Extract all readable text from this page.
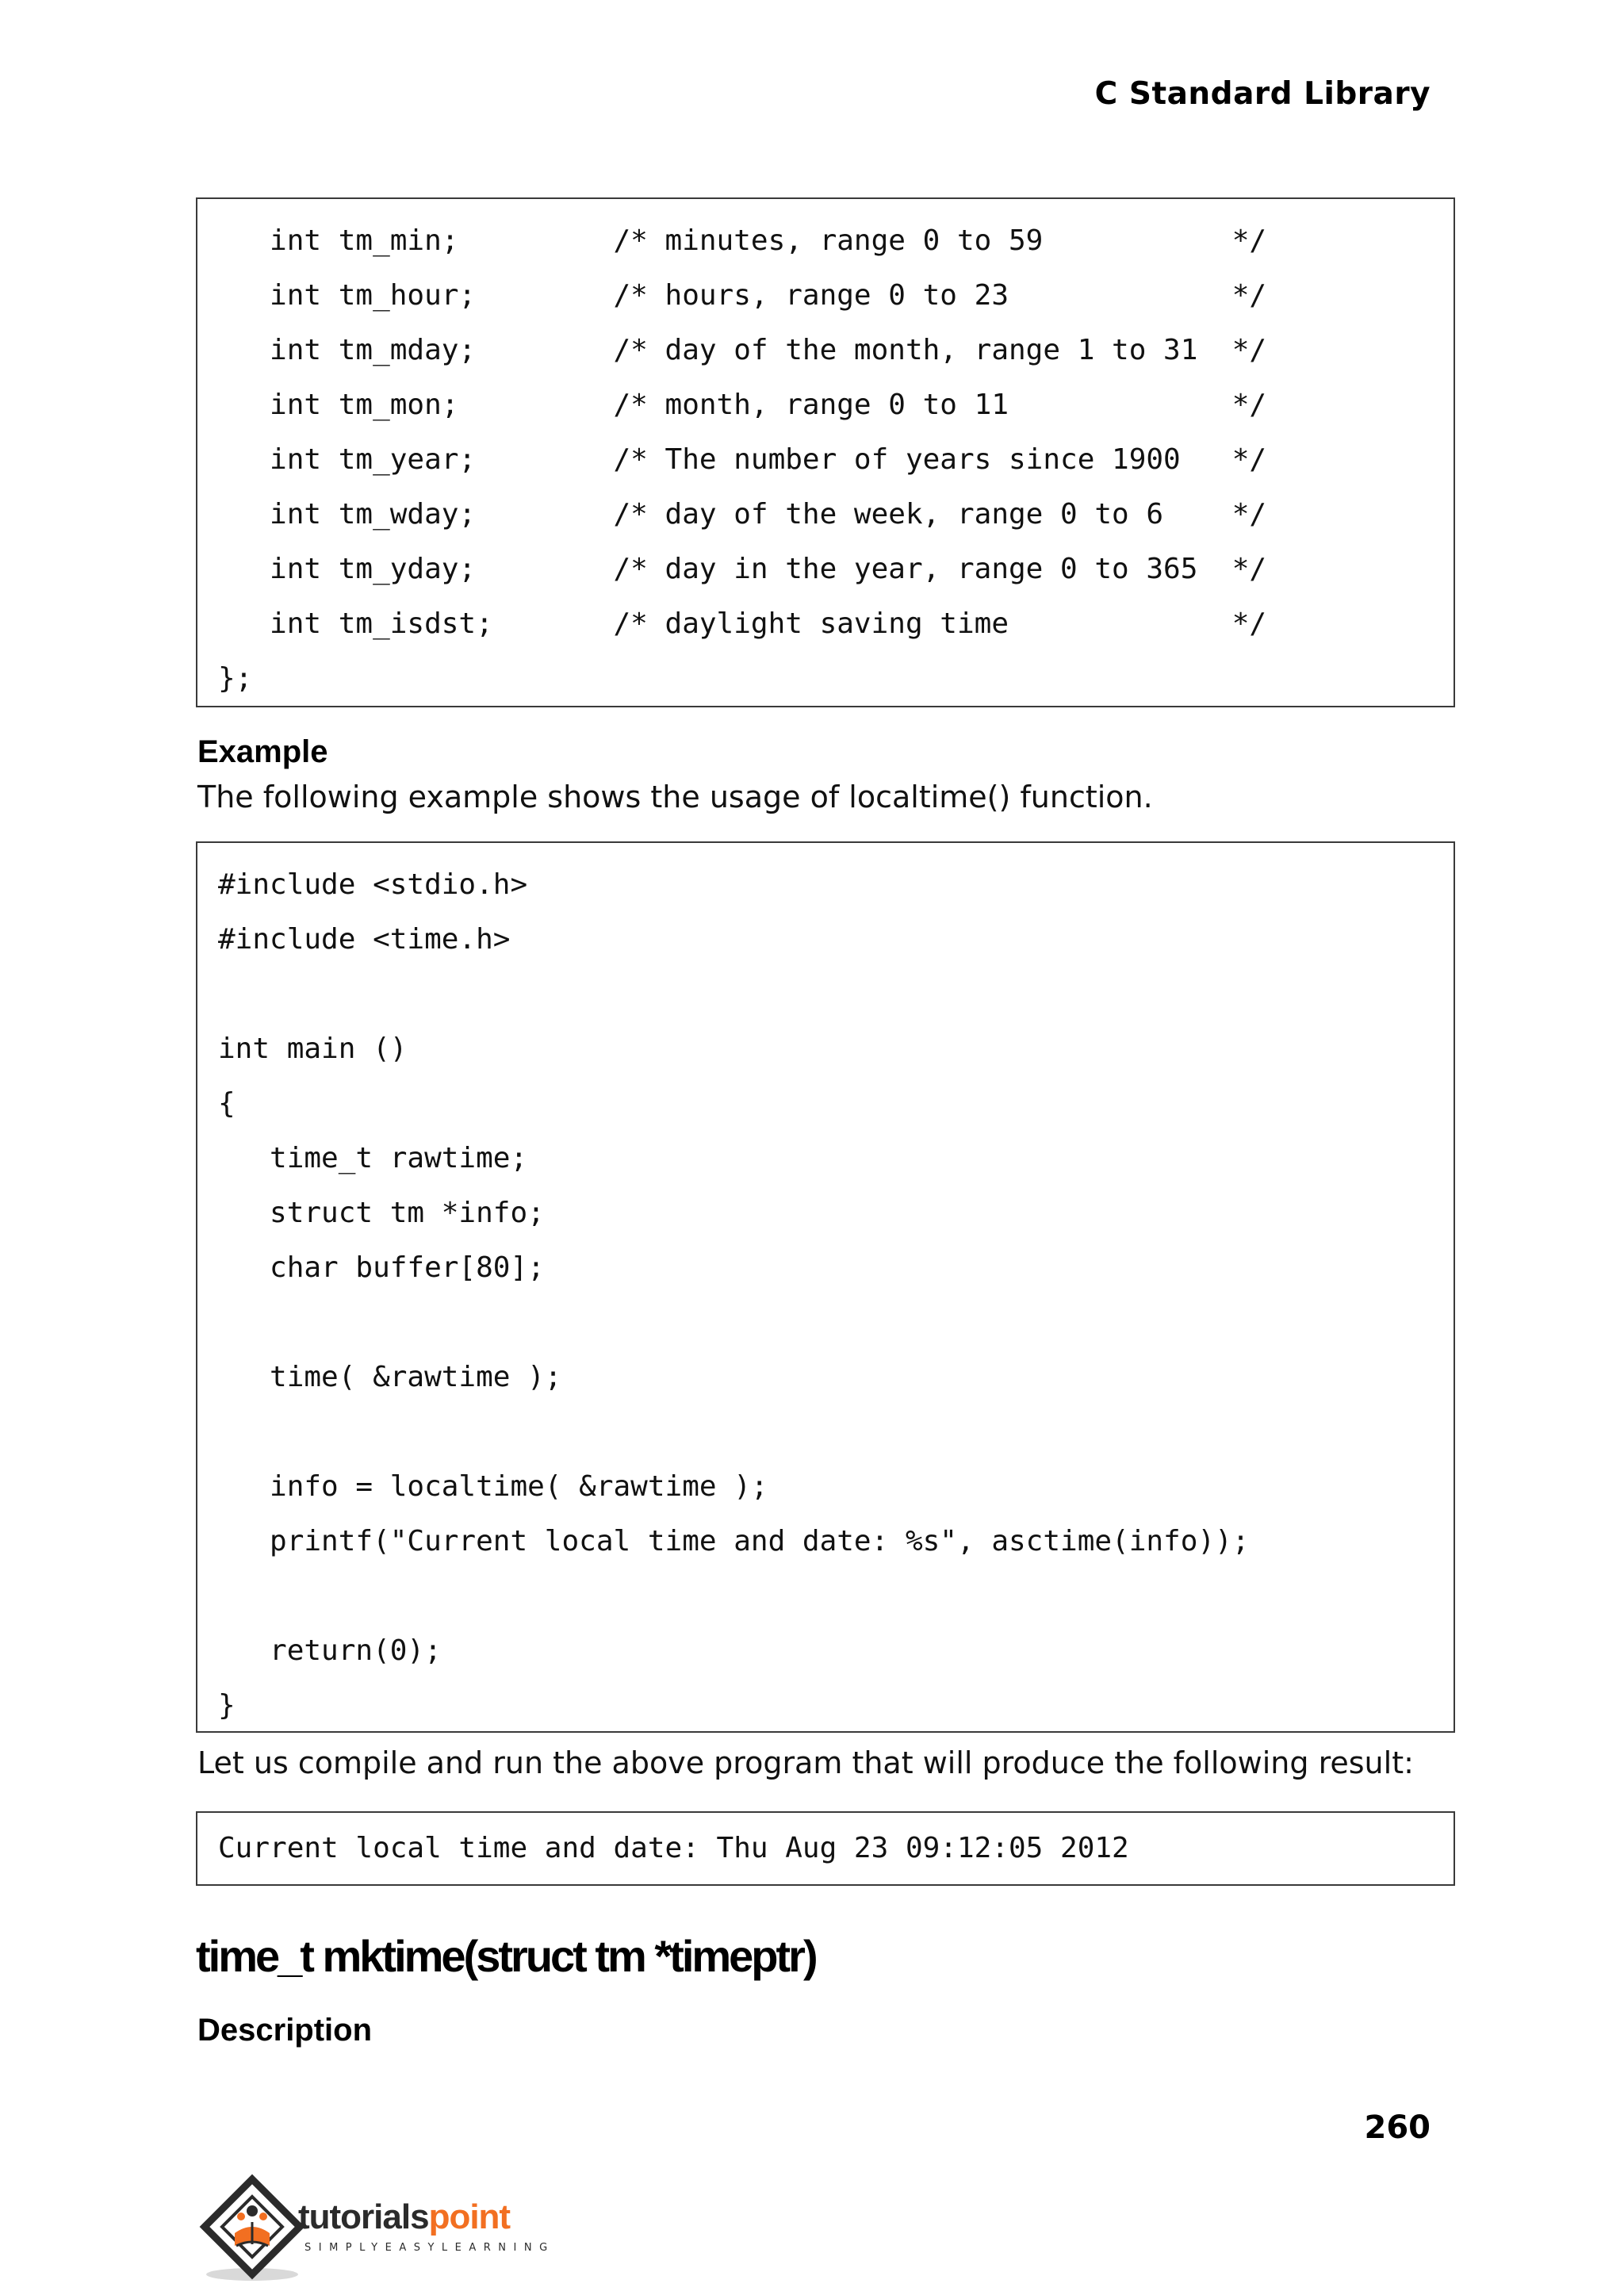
C Standard Library
int tm_min;         /* minutes, range 0 to 59           */
int tm_hour;        /* hours, range 0 to 23             */
int tm_mday;        /* day of the month, range 1 to 31  */
int tm_mon;         /* month, range 0 to 11             */
int tm_year;        /* The number of years since 1900   */
int tm_wday;        /* day of the week, range 0 to 6    */
int tm_yday;        /* day in the year, range 0 to 365  */
int tm_isdst;       /* daylight saving time             */
};
Example
The following example shows the usage of localtime() function.
#include <stdio.h>
#include <time.h>
int main ()
{
time_t rawtime;
struct tm *info;
char buffer[80];
time( &rawtime );
info = localtime( &rawtime );
printf("Current local time and date: %s", asctime(info));
return(0);
}
Let us compile and run the above program that will produce the following result:
Current local time and date: Thu Aug 23 09:12:05 2012
time_t mktime(struct tm *timeptr)
Description
260
tutorialspoint
SIMPLYEASYLEARNING
